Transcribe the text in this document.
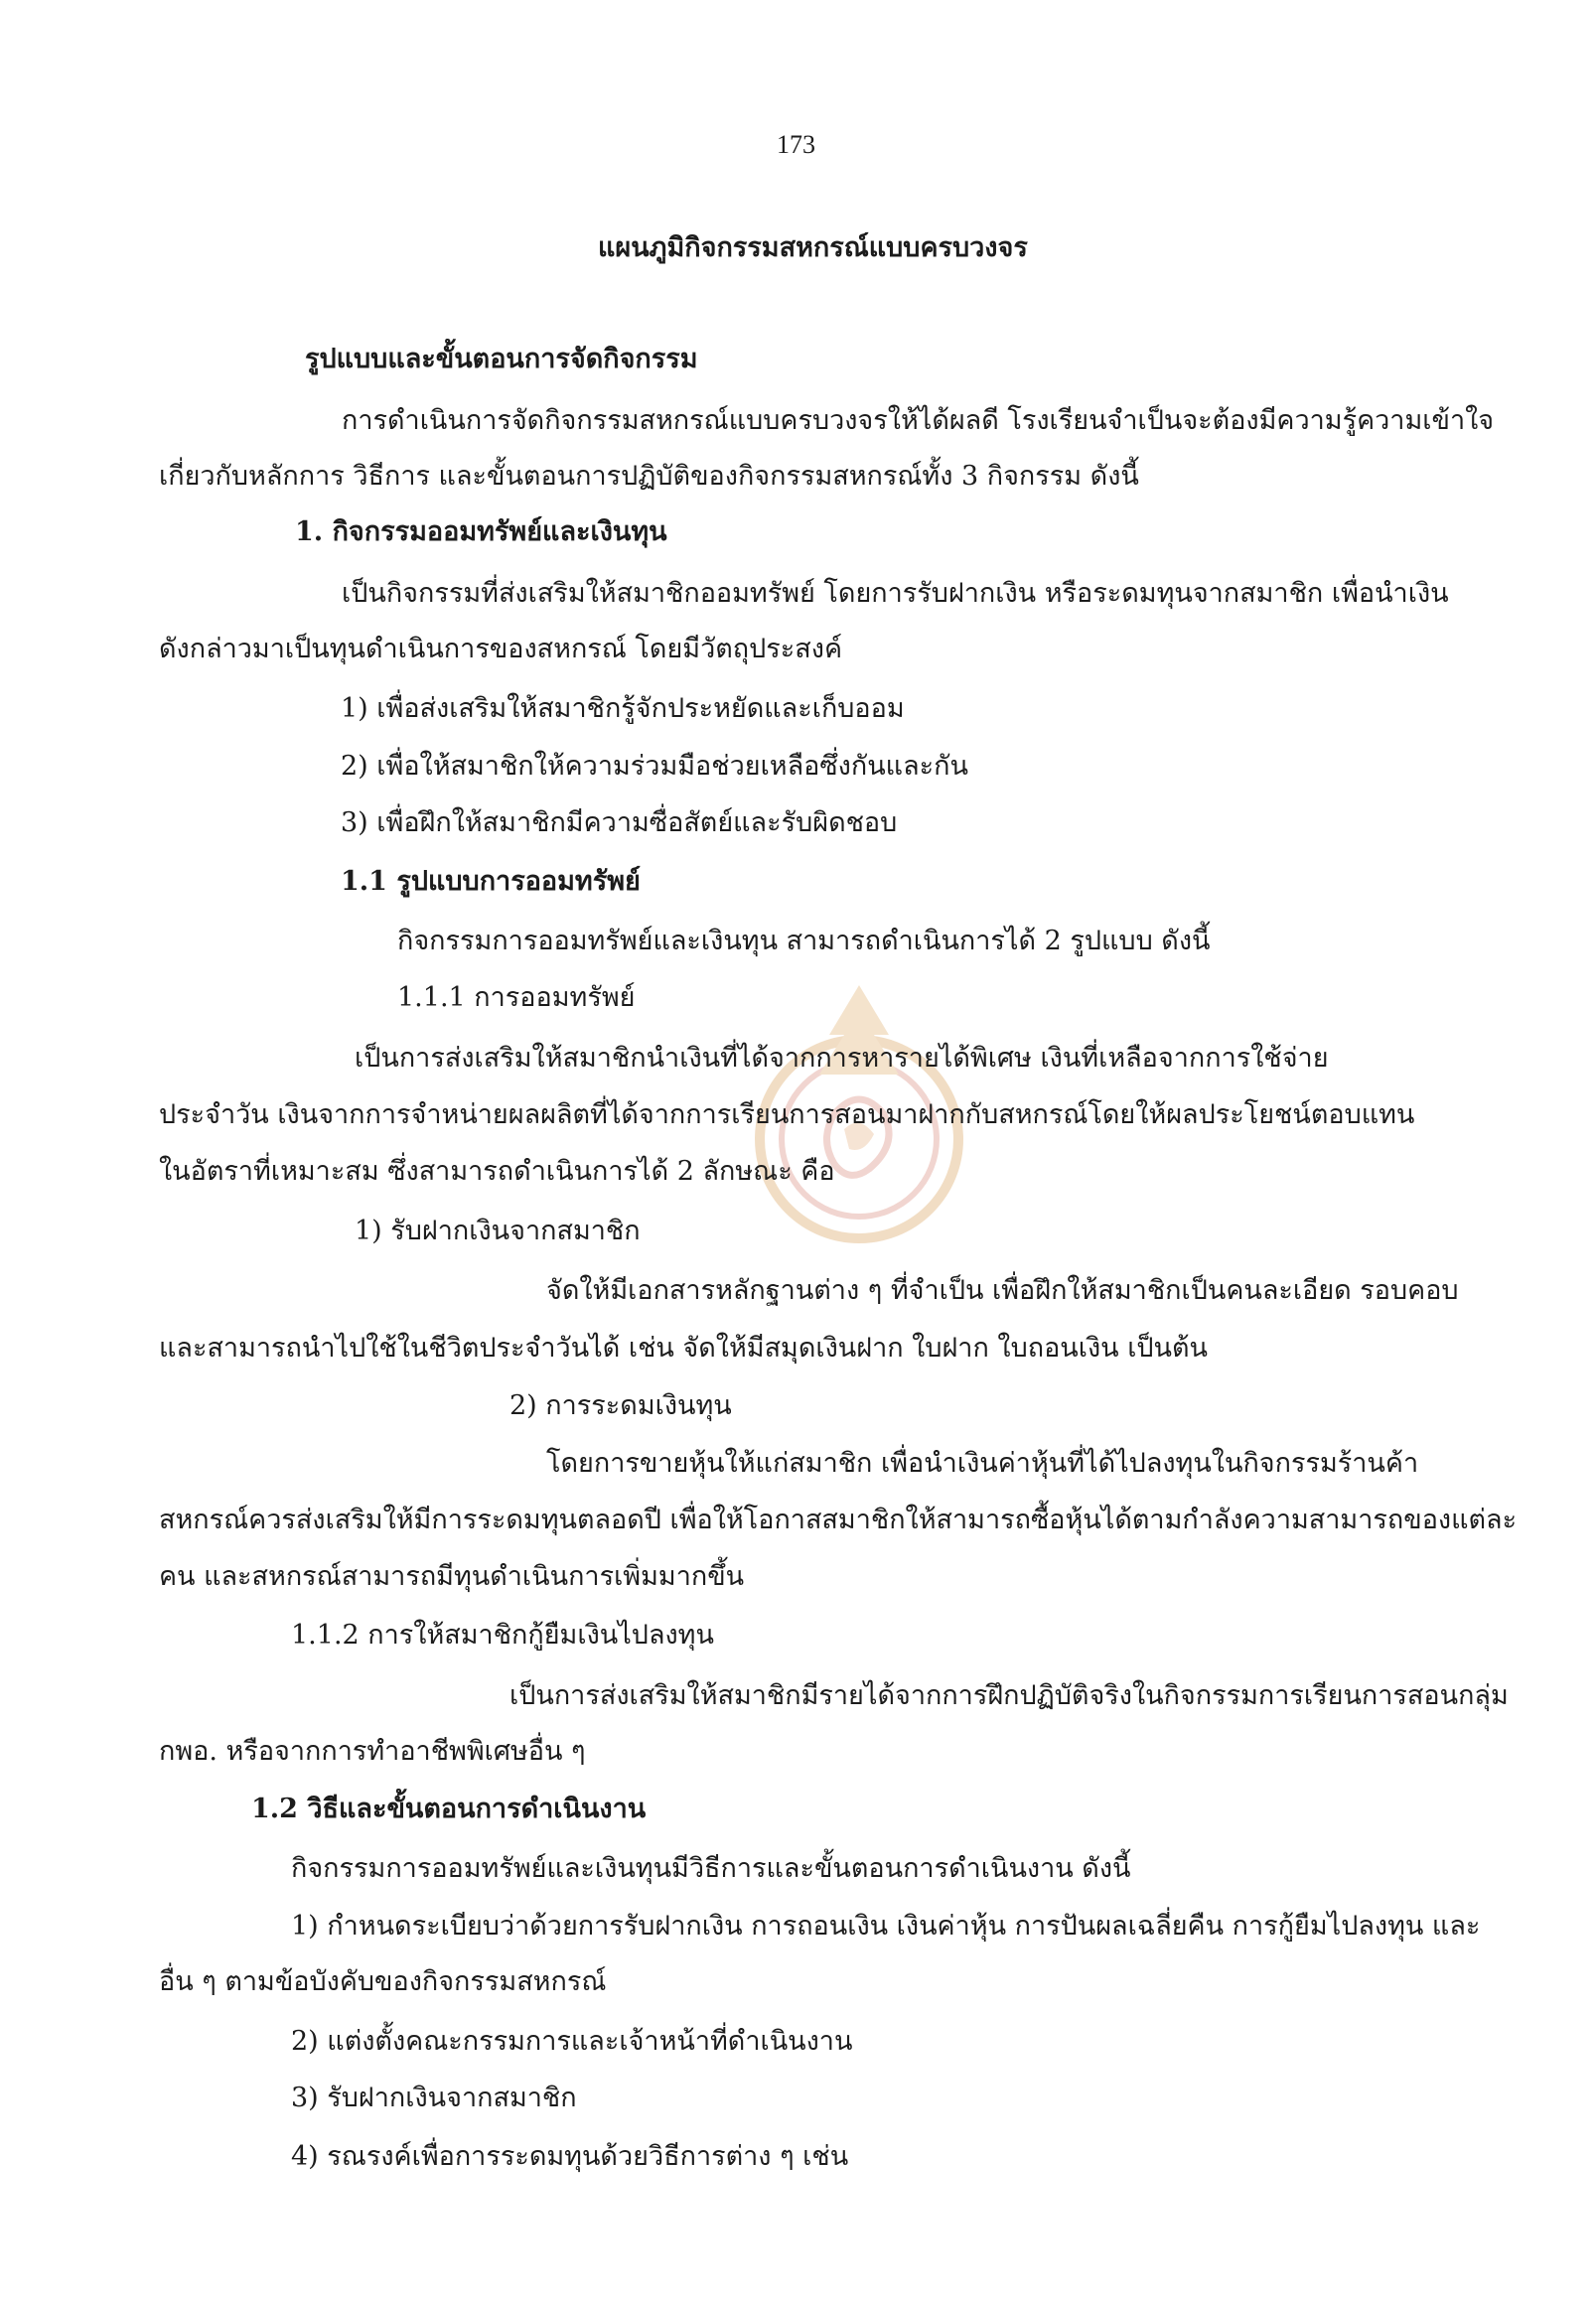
173
แผนภูมิกิจกรรมสหกรณ์แบบครบวงจร
รูปแบบและขั้นตอนการจัดกิจกรรม
การดำเนินการจัดกิจกรรมสหกรณ์แบบครบวงจรให้ได้ผลดี โรงเรียนจำเป็นจะต้องมีความรู้ความเข้าใจ
เกี่ยวกับหลักการ วิธีการ และขั้นตอนการปฏิบัติของกิจกรรมสหกรณ์ทั้ง 3 กิจกรรม ดังนี้
1. กิจกรรมออมทรัพย์และเงินทุน
เป็นกิจกรรมที่ส่งเสริมให้สมาชิกออมทรัพย์ โดยการรับฝากเงิน หรือระดมทุนจากสมาชิก เพื่อนำเงิน
ดังกล่าวมาเป็นทุนดำเนินการของสหกรณ์ โดยมีวัตถุประสงค์
1) เพื่อส่งเสริมให้สมาชิกรู้จักประหยัดและเก็บออม
2) เพื่อให้สมาชิกให้ความร่วมมือช่วยเหลือซึ่งกันและกัน
3) เพื่อฝึกให้สมาชิกมีความซื่อสัตย์และรับผิดชอบ
1.1 รูปแบบการออมทรัพย์
กิจกรรมการออมทรัพย์และเงินทุน สามารถดำเนินการได้ 2 รูปแบบ ดังนี้
1.1.1 การออมทรัพย์
เป็นการส่งเสริมให้สมาชิกนำเงินที่ได้จากการหารายได้พิเศษ เงินที่เหลือจากการใช้จ่าย
ประจำวัน เงินจากการจำหน่ายผลผลิตที่ได้จากการเรียนการสอนมาฝากกับสหกรณ์โดยให้ผลประโยชน์ตอบแทน
ในอัตราที่เหมาะสม ซึ่งสามารถดำเนินการได้ 2 ลักษณะ คือ
1) รับฝากเงินจากสมาชิก
จัดให้มีเอกสารหลักฐานต่าง ๆ ที่จำเป็น เพื่อฝึกให้สมาชิกเป็นคนละเอียด รอบคอบ
และสามารถนำไปใช้ในชีวิตประจำวันได้ เช่น จัดให้มีสมุดเงินฝาก ใบฝาก ใบถอนเงิน เป็นต้น
2) การระดมเงินทุน
โดยการขายหุ้นให้แก่สมาชิก เพื่อนำเงินค่าหุ้นที่ได้ไปลงทุนในกิจกรรมร้านค้า
สหกรณ์ควรส่งเสริมให้มีการระดมทุนตลอดปี เพื่อให้โอกาสสมาชิกให้สามารถซื้อหุ้นได้ตามกำลังความสามารถของแต่ละ
คน และสหกรณ์สามารถมีทุนดำเนินการเพิ่มมากขึ้น
1.1.2 การให้สมาชิกกู้ยืมเงินไปลงทุน
เป็นการส่งเสริมให้สมาชิกมีรายได้จากการฝึกปฏิบัติจริงในกิจกรรมการเรียนการสอนกลุ่ม
กพอ. หรือจากการทำอาชีพพิเศษอื่น ๆ
1.2 วิธีและขั้นตอนการดำเนินงาน
กิจกรรมการออมทรัพย์และเงินทุนมีวิธีการและขั้นตอนการดำเนินงาน ดังนี้
1) กำหนดระเบียบว่าด้วยการรับฝากเงิน การถอนเงิน เงินค่าหุ้น การปันผลเฉลี่ยคืน การกู้ยืมไปลงทุน และ
อื่น ๆ ตามข้อบังคับของกิจกรรมสหกรณ์
2) แต่งตั้งคณะกรรมการและเจ้าหน้าที่ดำเนินงาน
3) รับฝากเงินจากสมาชิก
4) รณรงค์เพื่อการระดมทุนด้วยวิธีการต่าง ๆ เช่น
